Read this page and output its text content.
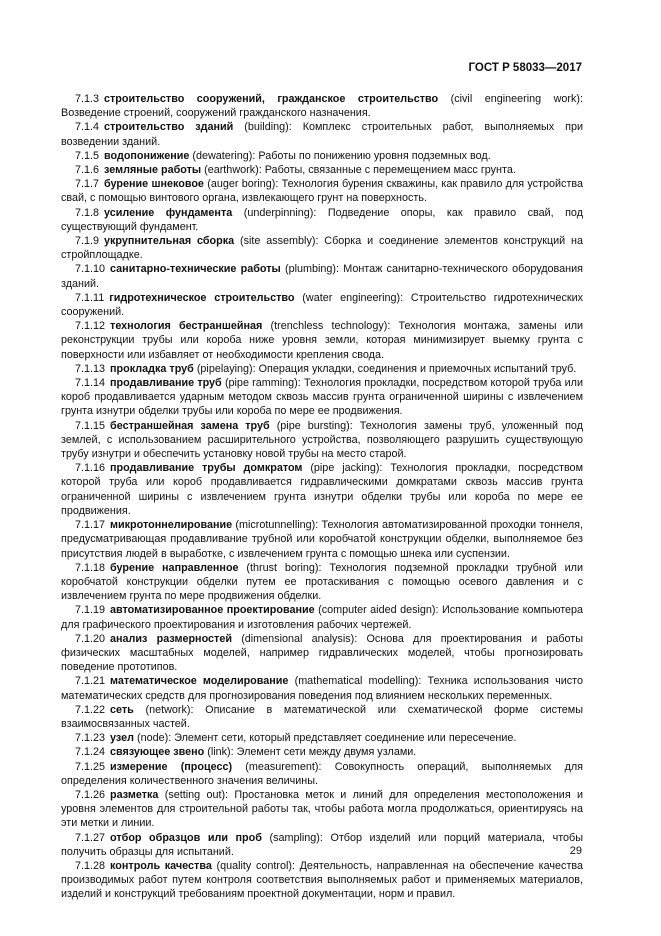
ГОСТ Р 58033—2017

7.1.3 строительство сооружений, гражданское строительство (civil engineering work): Возведение строений, сооружений гражданского назначения.

7.1.4 строительство зданий (building): Комплекс строительных работ, выполняемых при возведении зданий.

7.1.5 водопонижение (dewatering): Работы по понижению уровня подземных вод.

7.1.6 земляные работы (earthwork): Работы, связанные с перемещением масс грунта.

7.1.7 бурение шнековое (auger boring): Технология бурения скважины, как правило для устройства свай, с помощью винтового органа, извлекающего грунт на поверхность.

7.1.8 усиление фундамента (underpinning): Подведение опоры, как правило свай, под существующий фундамент.

7.1.9 укрупнительная сборка (site assembly): Сборка и соединение элементов конструкций на стройплощадке.

7.1.10 санитарно-технические работы (plumbing): Монтаж санитарно-технического оборудования зданий.

7.1.11 гидротехническое строительство (water engineering): Строительство гидротехнических сооружений.

7.1.12 технология бестраншейная (trenchless technology): Технология монтажа, замены или реконструкции трубы или короба ниже уровня земли, которая минимизирует выемку грунта с поверхности или избавляет от необходимости крепления свода.

7.1.13 прокладка труб (pipelaying): Операция укладки, соединения и приемочных испытаний труб.

7.1.14 продавливание труб (pipe ramming): Технология прокладки, посредством которой труба или короб продавливается ударным методом сквозь массив грунта ограниченной ширины с извлечением грунта изнутри обделки трубы или короба по мере ее продвижения.

7.1.15 бестраншейная замена труб (pipe bursting): Технология замены труб, уложенный под землей, с использованием расширительного устройства, позволяющего разрушить существующую трубу изнутри и обеспечить установку новой трубы на место старой.

7.1.16 продавливание трубы домкратом (pipe jacking): Технология прокладки, посредством которой труба или короб продавливается гидравлическими домкратами сквозь массив грунта ограниченной ширины с извлечением грунта изнутри обделки трубы или короба по мере ее продвижения.

7.1.17 микротоннелирование (microtunnelling): Технология автоматизированной проходки тоннеля, предусматривающая продавливание трубной или коробчатой конструкции обделки, выполняемое без присутствия людей в выработке, с извлечением грунта с помощью шнека или суспензии.

7.1.18 бурение направленное (thrust boring): Технология подземной прокладки трубной или коробчатой конструкции обделки путем ее протаскивания с помощью осевого давления и с извлечением грунта по мере продвижения обделки.

7.1.19 автоматизированное проектирование (computer aided design): Использование компьютера для графического проектирования и изготовления рабочих чертежей.

7.1.20 анализ размерностей (dimensional analysis): Основа для проектирования и работы физических масштабных моделей, например гидравлических моделей, чтобы прогнозировать поведение прототипов.

7.1.21 математическое моделирование (mathematical modelling): Техника использования чисто математических средств для прогнозирования поведения под влиянием нескольких переменных.

7.1.22 сеть (network): Описание в математической или схематической форме системы взаимосвязанных частей.

7.1.23 узел (node): Элемент сети, который представляет соединение или пересечение.

7.1.24 связующее звено (link): Элемент сети между двумя узлами.

7.1.25 измерение (процесс) (measurement): Совокупность операций, выполняемых для определения количественного значения величины.

7.1.26 разметка (setting out): Простановка меток и линий для определения местоположения и уровня элементов для строительной работы так, чтобы работа могла продолжаться, ориентируясь на эти метки и линии.

7.1.27 отбор образцов или проб (sampling): Отбор изделий или порций материала, чтобы получить образцы для испытаний.

7.1.28 контроль качества (quality control): Деятельность, направленная на обеспечение качества производимых работ путем контроля соответствия выполняемых работ и применяемых материалов, изделий и конструкций требованиям проектной документации, норм и правил.

29
